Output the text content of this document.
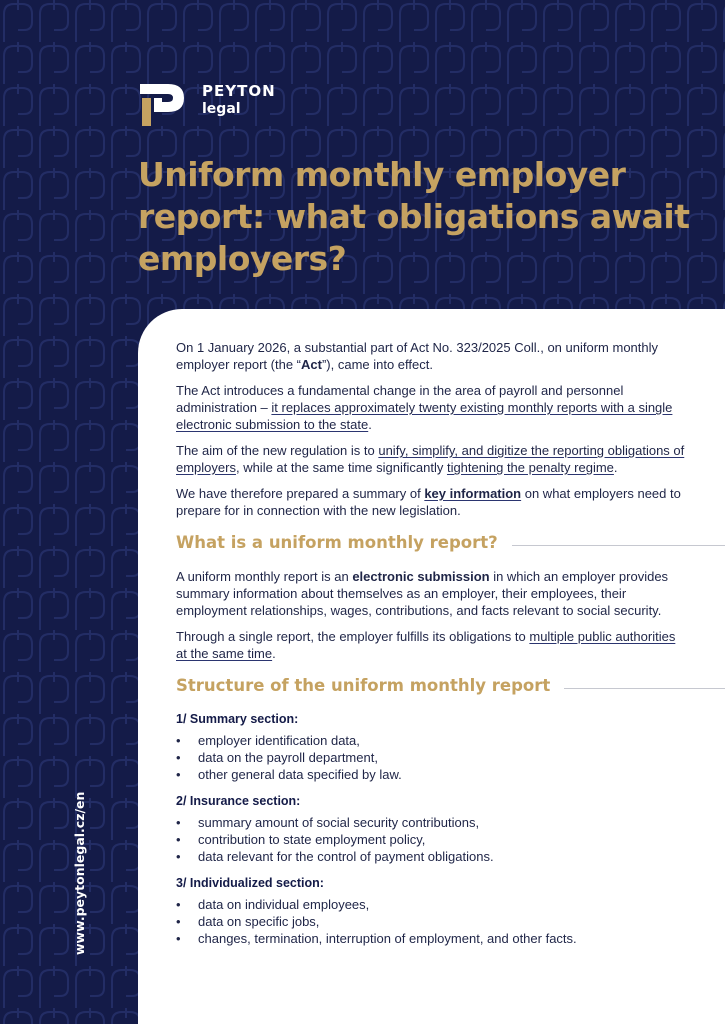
PEYTON
legal
Uniform monthly employer report: what obligations await employers?
www.peytonlegal.cz/en

On 1 January 2026, a substantial part of Act No. 323/2025 Coll., on uniform monthly employer report (the “Act”), came into effect.

The Act introduces a fundamental change in the area of payroll and personnel administration – it replaces approximately twenty existing monthly reports with a single electronic submission to the state.

The aim of the new regulation is to unify, simplify, and digitize the reporting obligations of employers, while at the same time significantly tightening the penalty regime.

We have therefore prepared a summary of key information on what employers need to prepare for in connection with the new legislation.

What is a uniform monthly report?

A uniform monthly report is an electronic submission in which an employer provides summary information about themselves as an employer, their employees, their employment relationships, wages, contributions, and facts relevant to social security.

Through a single report, the employer fulfills its obligations to multiple public authorities at the same time.

Structure of the uniform monthly report
1/ Summary section:
• employer identification data,
• data on the payroll department,
• other general data specified by law.
2/ Insurance section:
• summary amount of social security contributions,
• contribution to state employment policy,
• data relevant for the control of payment obligations.
3/ Individualized section:
• data on individual employees,
• data on specific jobs,
• changes, termination, interruption of employment, and other facts.
